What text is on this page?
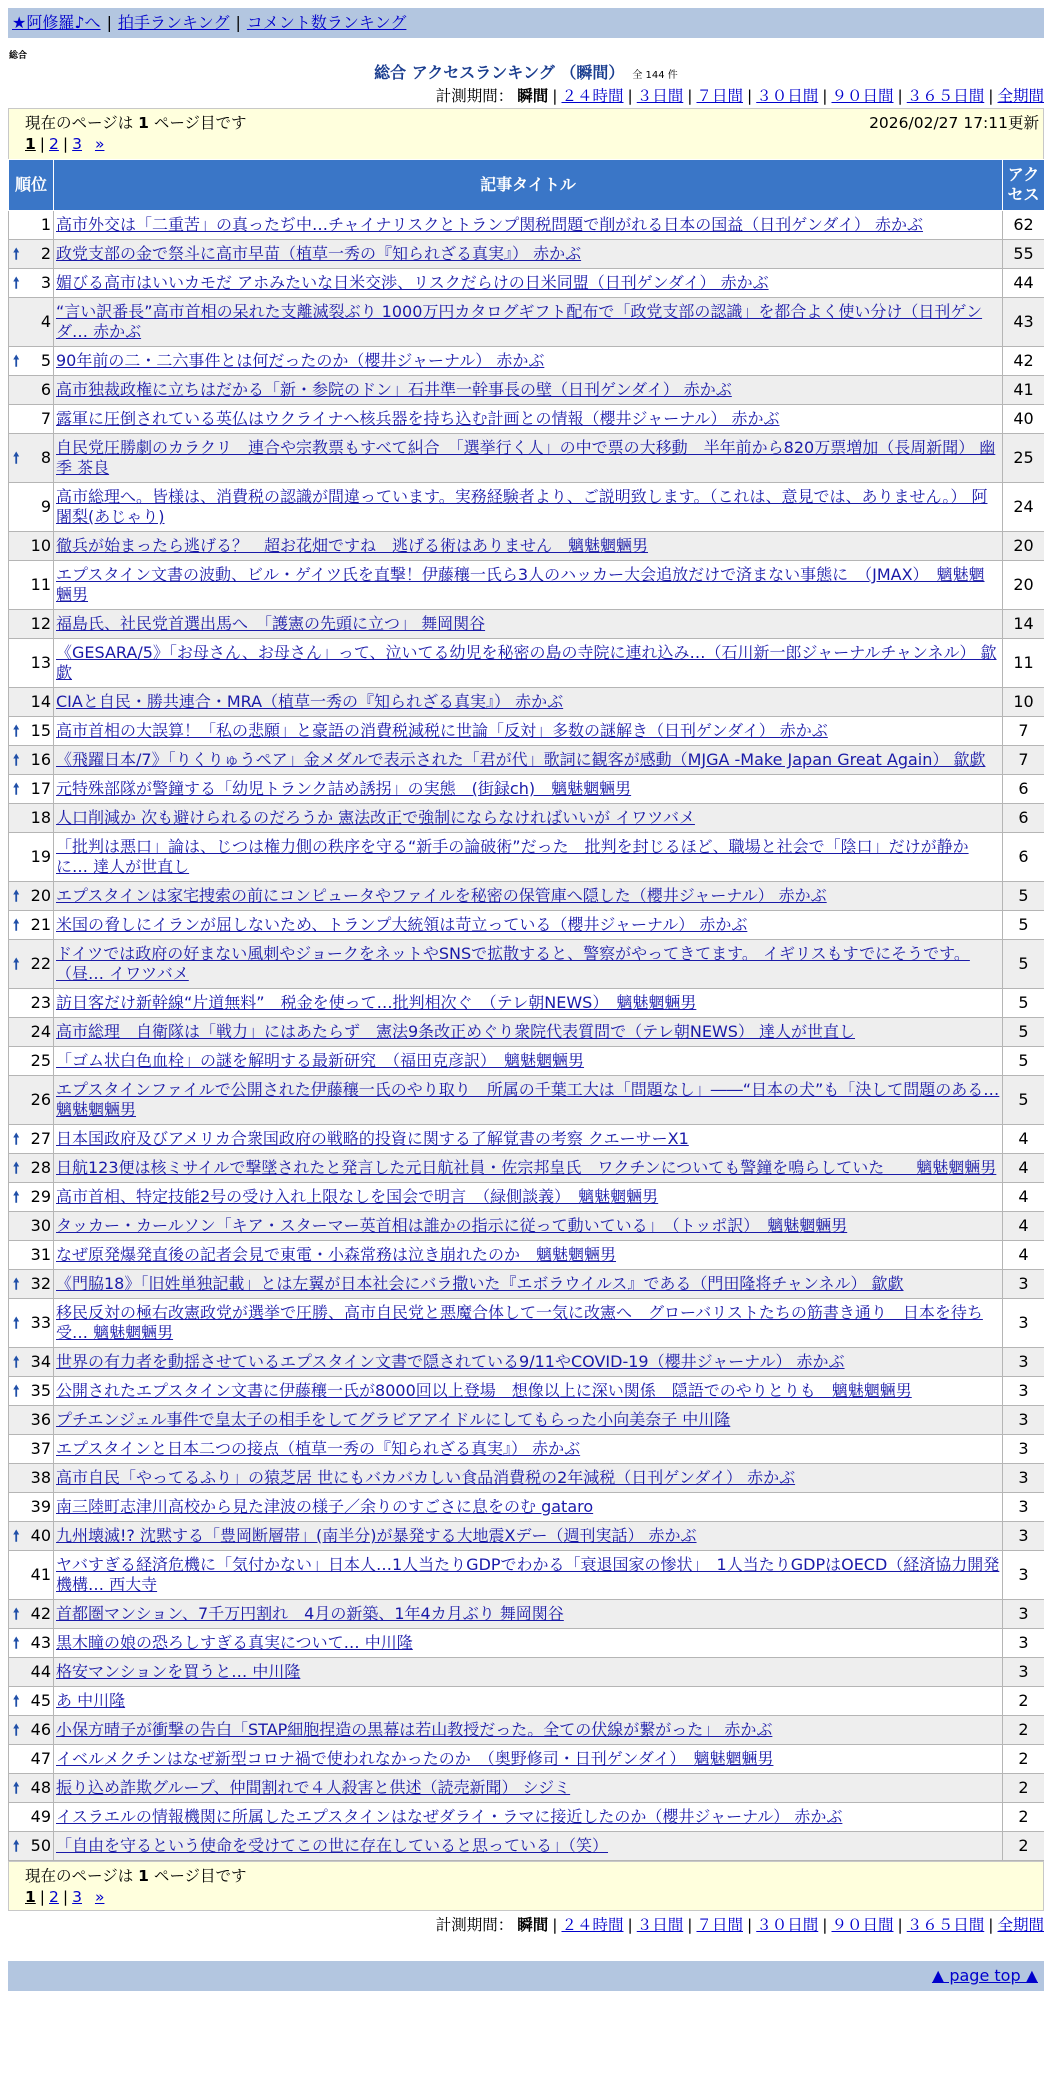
★阿修羅♪へ | 拍手ランキング | コメント数ランキング
総合
総合 アクセスランキング （瞬間） 全 144 件
計測期間： 瞬間 | ２４時間 | ３日間 | ７日間 | ３０日間 | ９０日間 | ３６５日間 | 全期間
現在のページは 1 ページ目です	2026/02/27 17:11更新
1 | 2 | 3 »
順位	記事タイトル	アクセス
1	高市外交は「二重苦」の真ったぢ中…チャイナリスクとトランプ関税問題で削がれる日本の国益（日刊ゲンダイ） 赤かぶ	62

🠕 2	政党支部の金で祭斗に高市早苗（植草一秀の『知られざる真実』） 赤かぶ	55

🠕 3	媚びる高市はいいカモだ アホみたいな日米交渉、リスクだらけの日米同盟（日刊ゲンダイ） 赤かぶ	44
4	“言い訳番長”高市首相の呆れた支離滅裂ぶり 1000万円カタログギフト配布で「政党支部の認識」を都合よく使い分け（日刊ゲンダ… 赤かぶ	43

🠕 5	90年前の二・二六事件とは何だったのか（櫻井ジャーナル） 赤かぶ	42
6	高市独裁政権に立ちはだかる「新・参院のドン」石井準一幹事長の壁（日刊ゲンダイ） 赤かぶ	41
7	露軍に圧倒されている英仏はウクライナへ核兵器を持ち込む計画との情報（櫻井ジャーナル） 赤かぶ	40

🠕 8	自民党圧勝劇のカラクリ　連合や宗教票もすべて糾合　「選挙行く人」の中で票の大移動　半年前から820万票増加（長周新聞） 幽季 茶良	25
9	高市総理へ。皆様は、消費税の認識が間違っています。実務経験者より、ご説明致します。（これは、意見では、ありません。） 阿闍梨(あじゃり)	24
10	徹兵が始まったら逃げる？　超お花畑ですね　逃げる術はありません　魑魅魍魎男	20
11	エプスタイン文書の波動、ビル・ゲイツ氏を直撃！伊藤穰一氏ら3人のハッカー大会追放だけで済まない事態に　（JMAX）　魑魅魍魎男	20
12	福島氏、社民党首選出馬へ　「護憲の先頭に立つ」 舞岡関谷	14
13	《GESARA/5》「お母さん、お母さん」って、泣いてる幼児を秘密の島の寺院に連れ込み…（石川新一郎ジャーナルチャンネル） 歙歔	11
14	CIAと自民・勝共連合・MRA（植草一秀の『知られざる真実』） 赤かぶ	10

🠕 15	高市首相の大誤算！「私の悲願」と豪語の消費税減税に世論「反対」多数の謎解き（日刊ゲンダイ） 赤かぶ	7

🠕 16	《飛躍日本/7》「りくりゅうペア」金メダルで表示された「君が代」歌詞に観客が感動（MJGA -Make Japan Great Again） 歙歔	7

🠕 17	元特殊部隊が警鐘する「幼児トランク詰め誘拐」の実態　(街録ch)　魑魅魍魎男	6
18	人口削減か 次も避けられるのだろうか 憲法改正で強制にならなければいいが イワツバメ	6
19	「批判は悪口」論は、じつは権力側の秩序を守る“新手の論破術”だった　批判を封じるほど、職場と社会で「陰口」だけが静かに… 達人が世直し	6

🠕 20	エプスタインは家宅捜索の前にコンピュータやファイルを秘密の保管庫へ隠した（櫻井ジャーナル） 赤かぶ	5

🠕 21	米国の脅しにイランが屈しないため、トランプ大統領は苛立っている（櫻井ジャーナル） 赤かぶ	5

🠕 22	ドイツでは政府の好まない風刺やジョークをネットやSNSで拡散すると、警察がやってきてます。 イギリスもすでにそうです。（昼… イワツバメ	5
23	訪日客だけ新幹線“片道無料”　税金を使って…批判相次ぐ　（テレ朝NEWS）　魑魅魍魎男	5
24	高市総理　自衛隊は「戦力」にはあたらず　憲法9条改正めぐり衆院代表質問で（テレ朝NEWS） 達人が世直し	5
25	「ゴム状白色血栓」の謎を解明する最新研究　（福田克彦訳）　魑魅魍魎男	5
26	エプスタインファイルで公開された伊藤穰一氏のやり取り　所属の千葉工大は「問題なし」――“日本の犬”も「決して問題のある… 魑魅魍魎男	5

🠕 27	日本国政府及びアメリカ合衆国政府の戦略的投資に関する了解覚書の考察 クエーサーX1	4

🠕 28	日航123便は核ミサイルで撃墜されたと発言した元日航社員・佐宗邦皇氏　ワクチンについても警鐘を鳴らしていた　　魑魅魍魎男	4

🠕 29	高市首相、特定技能2号の受け入れ上限なしを国会で明言　（緑側談義）　魑魅魍魎男	4
30	タッカー・カールソン「キア・スターマー英首相は誰かの指示に従って動いている」　（トッポ訳）　魑魅魍魎男	4
31	なぜ原発爆発直後の記者会見で東電・小森常務は泣き崩れたのか　魑魅魍魎男	4

🠕 32	《門脇18》「旧姓単独記載」とは左翼が日本社会にバラ撒いた『エボラウイルス』である（門田隆将チャンネル） 歙歔	3

🠕 33	移民反対の極右改憲政党が選挙で圧勝、高市自民党と悪魔合体して一気に改憲へ　グローバリストたちの筋書き通り　日本を待ち受… 魑魅魍魎男	3

🠕 34	世界の有力者を動揺させているエプスタイン文書で隠されている9/11やCOVID-19（櫻井ジャーナル） 赤かぶ	3

🠕 35	公開されたエプスタイン文書に伊藤穰一氏が8000回以上登場　想像以上に深い関係　隠語でのやりとりも　魑魅魍魎男	3
36	プチエンジェル事件で皇太子の相手をしてグラビアアイドルにしてもらった小向美奈子 中川隆	3
37	エプスタインと日本二つの接点（植草一秀の『知られざる真実』） 赤かぶ	3
38	高市自民「やってるふり」の猿芝居 世にもバカバカしい食品消費税の2年減税（日刊ゲンダイ） 赤かぶ	3
39	南三陸町志津川高校から見た津波の様子／余りのすごさに息をのむ gataro	3

🠕 40	九州壊滅!? 沈黙する「豊岡断層帯」(南半分)が暴発する大地震Xデー（週刊実話） 赤かぶ	3
41	ヤバすぎる経済危機に「気付かない」日本人…1人当たりGDPでわかる「衰退国家の惨状」　1人当たりGDPはOECD（経済協力開発機構… 西大寺	3

🠕 42	首都圏マンション、7千万円割れ　4月の新築、1年4カ月ぶり 舞岡関谷	3

🠕 43	黒木瞳の娘の恐ろしすぎる真実について… 中川隆	3
44	格安マンションを買うと… 中川隆	3

🠕 45	あ 中川隆	2

🠕 46	小保方晴子が衝撃の告白「STAP細胞捏造の黒幕は若山教授だった。全ての伏線が繋がった」 赤かぶ	2
47	イベルメクチンはなぜ新型コロナ禍で使われなかったのか　（奥野修司・日刊ゲンダイ）　魑魅魍魎男	2

🠕 48	振り込め詐欺グループ、仲間割れで４人殺害と供述（読売新聞） シジミ	2
49	イスラエルの情報機関に所属したエプスタインはなぜダライ・ラマに接近したのか（櫻井ジャーナル） 赤かぶ	2

🠕 50	「自由を守るという使命を受けてこの世に存在していると思っている」（笑）	2
現在のページは 1 ページ目です
1 | 2 | 3 »
計測期間： 瞬間 | ２４時間 | ３日間 | ７日間 | ３０日間 | ９０日間 | ３６５日間 | 全期間
▲ page top ▲
